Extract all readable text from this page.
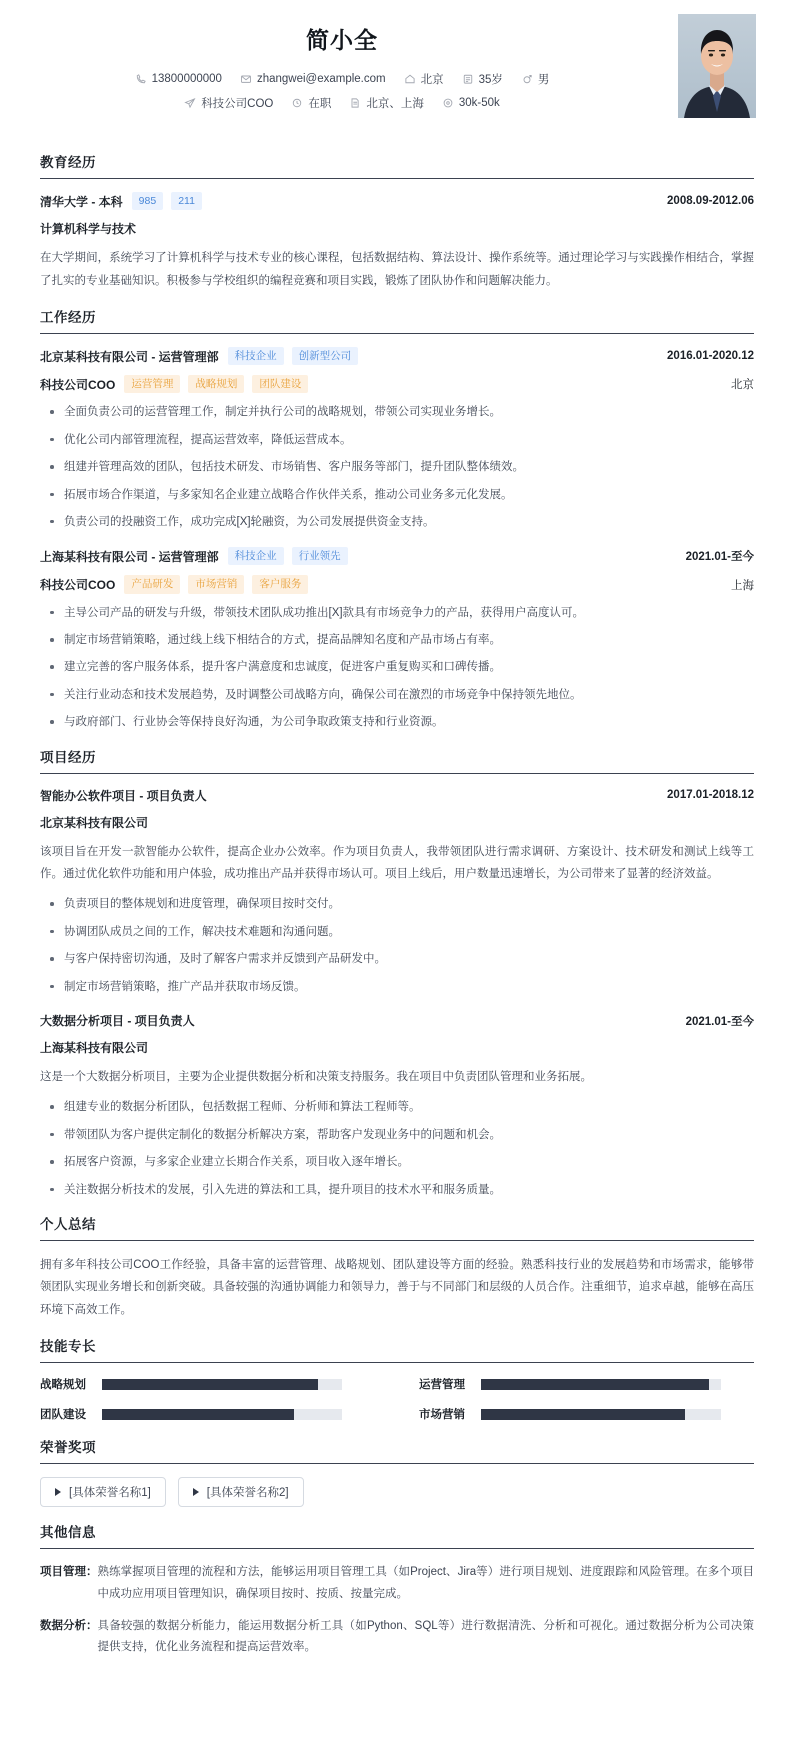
简小全
13800000000	zhangwei@example.com	北京	35岁	男
科技公司COO	在职	北京、上海	30k-50k
教育经历
清华大学 - 本科	985	211	2008.09-2012.06
计算机科学与技术

在大学期间，系统学习了计算机科学与技术专业的核心课程，包括数据结构、算法设计、操作系统等。通过理论学习与实践操作相结合，掌握了扎实的专业基础知识。积极参与学校组织的编程竞赛和项目实践，锻炼了团队协作和问题解决能力。

工作经历
北京某科技有限公司 - 运营管理部	科技企业	创新型公司	2016.01-2020.12
科技公司COO	运营管理	战略规划	团队建设	北京
全面负责公司的运营管理工作，制定并执行公司的战略规划，带领公司实现业务增长。
优化公司内部管理流程，提高运营效率，降低运营成本。
组建并管理高效的团队，包括技术研发、市场销售、客户服务等部门，提升团队整体绩效。
拓展市场合作渠道，与多家知名企业建立战略合作伙伴关系，推动公司业务多元化发展。
负责公司的投融资工作，成功完成[X]轮融资，为公司发展提供资金支持。
上海某科技有限公司 - 运营管理部	科技企业	行业领先	2021.01-至今
科技公司COO	产品研发	市场营销	客户服务	上海
主导公司产品的研发与升级，带领技术团队成功推出[X]款具有市场竞争力的产品，获得用户高度认可。
制定市场营销策略，通过线上线下相结合的方式，提高品牌知名度和产品市场占有率。
建立完善的客户服务体系，提升客户满意度和忠诚度，促进客户重复购买和口碑传播。
关注行业动态和技术发展趋势，及时调整公司战略方向，确保公司在激烈的市场竞争中保持领先地位。
与政府部门、行业协会等保持良好沟通，为公司争取政策支持和行业资源。
项目经历
智能办公软件项目 - 项目负责人	2017.01-2018.12
北京某科技有限公司

该项目旨在开发一款智能办公软件，提高企业办公效率。作为项目负责人，我带领团队进行需求调研、方案设计、技术研发和测试上线等工作。通过优化软件功能和用户体验，成功推出产品并获得市场认可。项目上线后，用户数量迅速增长，为公司带来了显著的经济效益。

负责项目的整体规划和进度管理，确保项目按时交付。
协调团队成员之间的工作，解决技术难题和沟通问题。
与客户保持密切沟通，及时了解客户需求并反馈到产品研发中。
制定市场营销策略，推广产品并获取市场反馈。
大数据分析项目 - 项目负责人	2021.01-至今
上海某科技有限公司

这是一个大数据分析项目，主要为企业提供数据分析和决策支持服务。我在项目中负责团队管理和业务拓展。

组建专业的数据分析团队，包括数据工程师、分析师和算法工程师等。
带领团队为客户提供定制化的数据分析解决方案，帮助客户发现业务中的问题和机会。
拓展客户资源，与多家企业建立长期合作关系，项目收入逐年增长。
关注数据分析技术的发展，引入先进的算法和工具，提升项目的技术水平和服务质量。
个人总结

拥有多年科技公司COO工作经验，具备丰富的运营管理、战略规划、团队建设等方面的经验。熟悉科技行业的发展趋势和市场需求，能够带领团队实现业务增长和创新突破。具备较强的沟通协调能力和领导力，善于与不同部门和层级的人员合作。注重细节，追求卓越，能够在高压环境下高效工作。

技能专长
战略规划	运营管理
团队建设	市场营销
荣誉奖项
[具体荣誉名称1]	[具体荣誉名称2]
其他信息
项目管理： 熟练掌握项目管理的流程和方法，能够运用项目管理工具（如Project、Jira等）进行项目规划、进度跟踪和风险管理。在多个项目中成功应用项目管理知识，确保项目按时、按质、按量完成。
数据分析： 具备较强的数据分析能力，能运用数据分析工具（如Python、SQL等）进行数据清洗、分析和可视化。通过数据分析为公司决策提供支持，优化业务流程和提高运营效率。
